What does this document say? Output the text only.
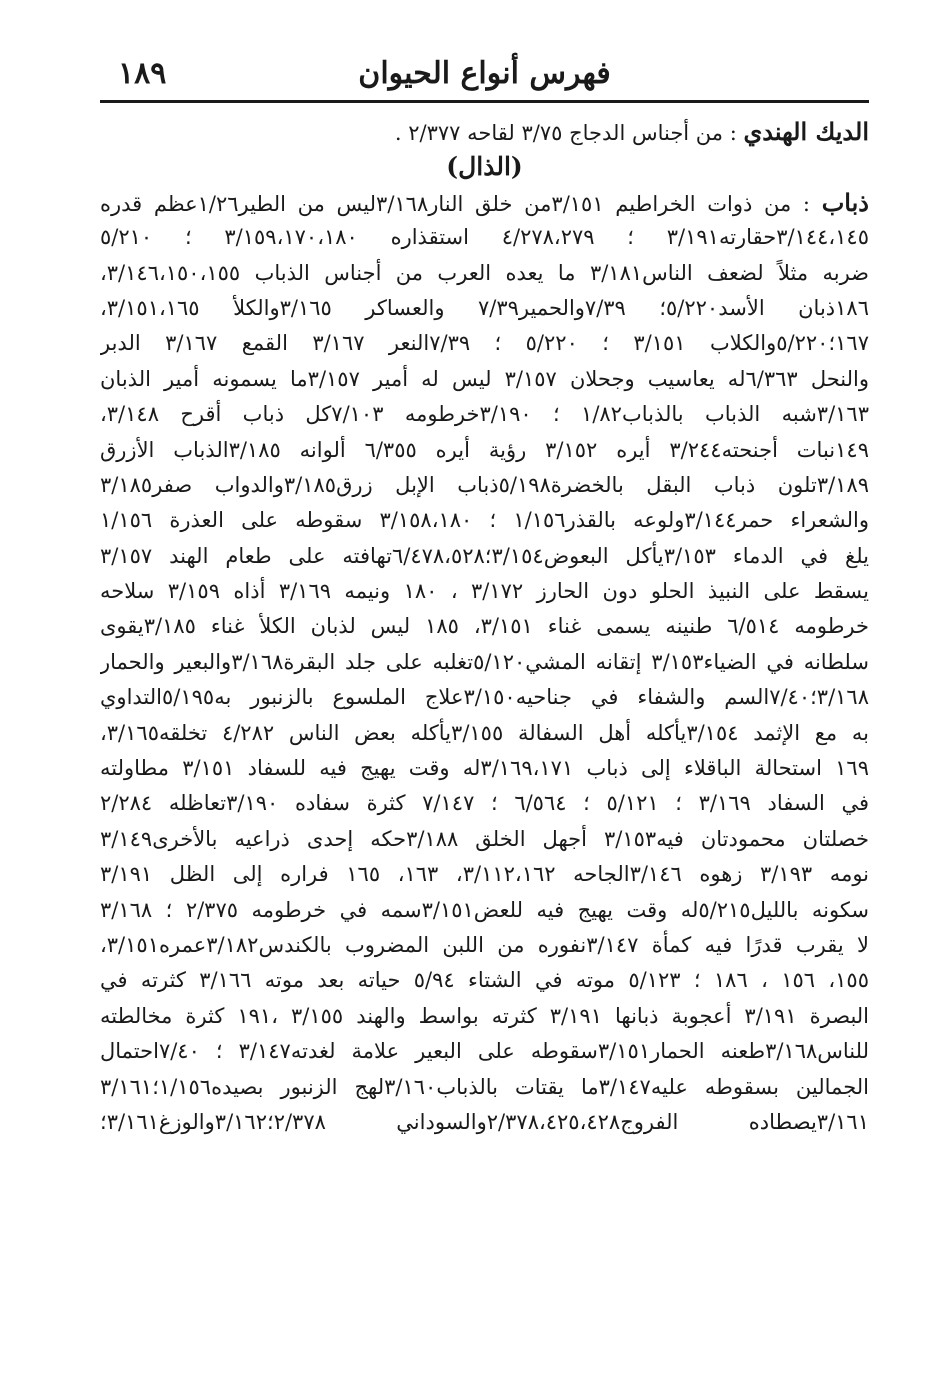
فهرس أنواع الحيوان
١٨٩
الديك الهندي : من أجناس الدجاج ٣/٧٥ لقاحه ٢/٣٧٧ .
(الذال)
ذباب : من ذوات الخراطيم ٣/١٥١من خلق النار٣/١٦٨ليس من الطير١/٢٦عظم قدره
٣/١٤٤،١٤٥حقارته٣/١٩١ ؛ ٤/٢٧٨،٢٧٩ استقذاره ٣/١٥٩،١٧٠،١٨٠ ؛ ٥/٢١٠
ضربه مثلاً لضعف الناس٣/١٨١ ما يعده العرب من أجناس الذباب ٣/١٤٦،١٥٠،١٥٥،
١٨٦ذبان الأسد٥/٢٢٠؛ ٧/٣٩والحمير٧/٣٩ والعساكر ٣/١٦٥والكلأ ٣/١٥١،١٦٥،
١٦٧؛٥/٢٢٠والكلاب ٣/١٥١ ؛ ٥/٢٢٠ ؛ ٧/٣٩النعر ٣/١٦٧ القمع ٣/١٦٧ الدبر
والنحل ٦/٣٦٣له يعاسيب وجحلان ٣/١٥٧ ليس له أمير ٣/١٥٧ما يسمونه أمير الذبان
٣/١٦٣شبه الذباب بالذباب١/٨٢ ؛ ٣/١٩٠خرطومه ٧/١٠٣كل ذباب أقرح ٣/١٤٨،
١٤٩نبات أجنحته٣/٢٤٤ أيره ٣/١٥٢ رؤية أيره ٦/٣٥٥ ألوانه ٣/١٨٥الذباب الأزرق
٣/١٨٩تلون ذباب البقل بالخضرة٥/١٩٨ذباب الإبل زرق٣/١٨٥والدواب صفر٣/١٨٥
والشعراء حمر٣/١٤٤ولوعه بالقذر١/١٥٦ ؛ ٣/١٥٨،١٨٠ سقوطه على العذرة ١/١٥٦
يلغ في الدماء ٣/١٥٣يأكل البعوض٣/١٥٤؛٦/٤٧٨،٥٢٨تهافته على طعام الهند ٣/١٥٧
يسقط على النبيذ الحلو دون الحارز ٣/١٧٢ ، ١٨٠ ونيمه ٣/١٦٩ أذاه ٣/١٥٩ سلاحه
خرطومه ٦/٥١٤ طنينه يسمى غناء ٣/١٥١، ١٨٥ ليس لذبان الكلأ غناء ٣/١٨٥يقوى
سلطانه في الضياء٣/١٥٣ إتقانه المشي٥/١٢٠تغلبه على جلد البقرة٣/١٦٨والبعير والحمار
٣/١٦٨؛٧/٤٠السم والشفاء في جناحيه٣/١٥٠علاج الملسوع بالزنبور به٥/١٩٥التداوي
به مع الإثمد ٣/١٥٤يأكله أهل السفالة ٣/١٥٥يأكله بعض الناس ٤/٢٨٢ تخلقه٣/١٦٥،
١٦٩ استحالة الباقلاء إلى ذباب ٣/١٦٩،١٧١له وقت يهيج فيه للسفاد ٣/١٥١ مطاولته
في السفاد ٣/١٦٩ ؛ ٥/١٢١ ؛ ٦/٥٦٤ ؛ ٧/١٤٧ كثرة سفاده ٣/١٩٠تعاظله ٢/٢٨٤
خصلتان محمودتان فيه٣/١٥٣ أجهل الخلق ٣/١٨٨حكه إحدى ذراعيه بالأخرى٣/١٤٩
نومه ٣/١٩٣ زهوه ٣/١٤٦الجاحه ٣/١١٢،١٦٢، ١٦٣، ١٦٥ فراره إلى الظل ٣/١٩١
سكونه بالليل٥/٢١٥له وقت يهيج فيه للعض٣/١٥١سمه في خرطومه ٢/٣٧٥ ؛ ٣/١٦٨
لا يقرب قدرًا فيه كمأة ٣/١٤٧نفوره من اللبن المضروب بالكندس٣/١٨٢عمره٣/١٥١،
١٥٥، ١٥٦ ، ١٨٦ ؛ ٥/١٢٣ موته في الشتاء ٥/٩٤ حياته بعد موته ٣/١٦٦ كثرته في
البصرة ٣/١٩١ أعجوبة ذبانها ٣/١٩١ كثرته بواسط والهند ٣/١٥٥ ،١٩١ كثرة مخالطته
للناس٣/١٦٨طعنه الحمار٣/١٥١سقوطه على البعير علامة لغدته٣/١٤٧ ؛ ٧/٤٠احتمال
الجمالين بسقوطه عليه٣/١٤٧ما يقتات بالذباب٣/١٦٠لهج الزنبور بصيده١/١٥٦؛٣/١٦١
٣/١٦١يصطاده الفروج٢/٣٧٨،٤٢٥،٤٢٨والسوداني ٢/٣٧٨؛٣/١٦٢والوزغ٣/١٦١؛
